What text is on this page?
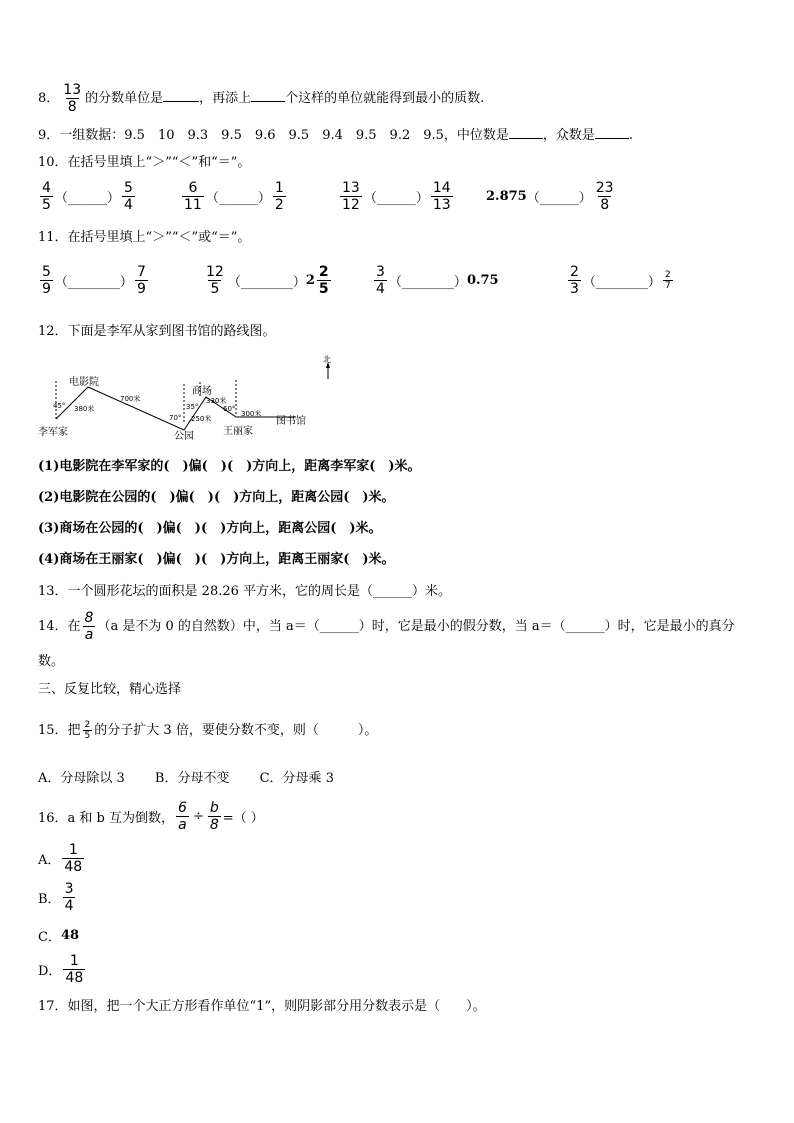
8． $\frac{13}{8}$ 的分数单位是	，再添上	个这样的单位就能得到最小的质数.
9．一组数据：9.5　10　9.3　9.5　9.6　9.5　9.4　9.5　9.2　9.5，中位数是	，众数是	.
10．在括号里填上“＞”“＜”和“＝”。
4
5 （______）
5
4
6
11 （______）
1
2
13
12 （______）
14
13
2.875 （______）
23
8
11．在括号里填上“＞”“＜”或“＝”。
5
9 （________）
7
9
12
5 （________） 2
2
5
3
4 （________） 0.75
2
3 （________） 2
7
12．下面是李军从家到图书馆的路线图。
北
李军家
电影院
公园
商场
王丽家
图书馆
45°
70°
35°	60°
380米
700米
250米
330米
300米
(1)电影院在李军家的(　)偏(　)(　)方向上，距离李军家(　)米。
(2)电影院在公园的(　)偏(　)(　)方向上，距离公园(　)米。
(3)商场在公园的(　)偏(　)(　)方向上，距离公园(　)米。
(4)商场在王丽家(　)偏(　)(　)方向上，距离王丽家(　)米。
13．一个圆形花坛的面积是 28.26 平方米，它的周长是（______）米。
14．在 $\frac{8}{a} (a$ 是不为 0 的自然数）中，当 a＝（______）时，它是最小的假分数，当 a＝（______）时，它是最小的真分
数。
三、反复比较，精心选择
15．把 $\frac{2}{5}$ 的分子扩大 3 倍，要使分数不变，则（　　　）。
A．分母除以 3　　 B．分母不变　　 C．分母乘 3
16．a 和 b 互为倒数， $\frac{6}{a} \div \frac{b}{8}$ =（ ）
A．
1
48
B．
3
4
C． 48
D．
1
48
17．如图，把一个大正方形看作单位“1”，则阴影部分用分数表示是（　　）。
